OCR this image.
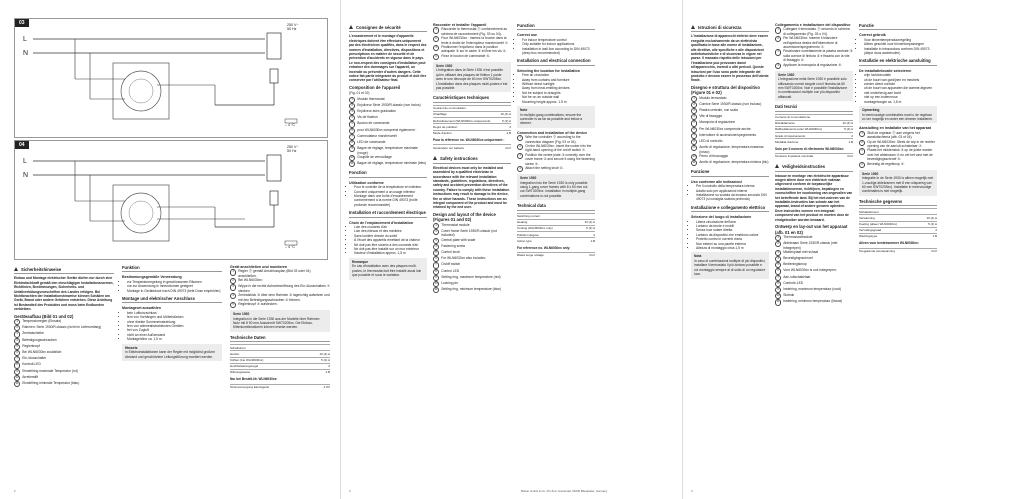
03
L
N
250 V~
50 Hz
– 4 °C
04
L
N
250 V~
50 Hz
– 4 °C
Sicherheitshinweise
Einbau und Montage elektrischer Geräte dürfen nur durch eine Elektrofachkraft gemäß den einschlägigen Installationsnormen, Richtlinien, Bestimmungen, Sicherheits- und Unfallverhütungsvorschriften des Landes erfolgen. Bei Nichtbeachten der Installationshinweise können Schäden am Gerät, Brand oder andere Gefahren entstehen. Diese Anleitung ist Bestandteil des Produktes und muss beim Endkunden verbleiben.
Geräteaufbau (Bild 01 und 02)
1	Temperaturregler (Einsatz)
2	Rahmen: Serie 1930/R.classic (nicht im Lieferumfang)
3	Zentralscheibe
4	Befestigungsschrauben
5	Reglerknopf
6	Bei WLN6030xx zusätzlich:
7	Ein-/Ausschalter
8	Kontroll-LED
9	Einstellring maximale Temperatur (rot)
10	Arretierstift
11	Einstellring minimale Temperatur (blau)
Funktion
Bestimmungsgemäße Verwendung
• zur Temperaturregelung in geschlossenen Räumen
• nur zur Anwendung in Innenräumen geeignet
• Montage in Gerätedose nach DIN 49073 (tiefe Dose empfohlen)
Montage und elektrischer Anschluss
Montageort auswählen
• kein Luftkurzschluss
• fern von Vorhängen und Möbelstücken
• ohne direkte Sonneneinstrahlung
• fern von wärmeabstrahlenden Geräten
• frei von Zugluft
• nicht an einer Außenwand
• Montagehöhe ca. 1,5 m
Hinweis
In Elektroinstallationen kann der Regler mit möglichst großem Abstand und geschütztem Leitungsführung montiert werden.
Gerät anschließen und montieren
1	Regler ⓪ gemäß Anschlussplan (Bild 03 oder 04) anschließen.
2	Bei WLN6030xx:
3	Wippe in die rechte Aufnahmeöffnung des Ein-/Ausschalters ⑦ stecken.
4	Zentralstück ③ über dem Rahmen ② lagerichtig aufsetzen und mit den Befestigungsschrauben ④ fixieren.
5	Reglerknopf ⑤ aufstecken.
Serie 1930
Integration in die Serie 1930 aus der Modelle über Rahmen Nutz mit 8 90 mm Ausschnitt SWT0205xx. Die Einbau-Kittenkombinationen können ersetzt werden.
Technische Daten
Schaltstrom	
Heizen	10 (4) A
Kühlen (bei WLN6030xx)	5 (2) A
Hochbelastungsregel	2
Wirkungsweise	1.B
Nur bei Bestell-Nr. WLN6030xx:
Stromversorgung Einzelgerät	4 ZV
2
Consignes de sécurité
L'encastrement et le montage d'appareils électriques doivent être effectués uniquement par des électriciens qualifiés, dans le respect des normes d'installation, directives, dispositions et prescriptions en matière de sécurité et de prévention d'accidents en vigueur dans le pays. Le non-respect des consignes d'installation peut entraîner des dommages sur l'appareil, un incendie ou présenter d'autres dangers. Cette notice fait partie intégrante du produit et doit être conservée par l'utilisateur final.
Composition de l'appareil
(Fig. 01 et 02)
1	Module thermostat
2	Enjoliveur Série 1930/R.classic (non inclus)
3	Enjoliveur avec graduation
4	Vis de fixation
5	Bouton de commande
6	pour WLN6030xx comprend également :
7	Commutateur marche/arrêt
8	LED de commande
9	Bague de réglage, température maximale (rouge)
10	Goupille de verrouillage
11	Bague de réglage, température minimale (bleu)
Fonction
Utilisation conforme
• Pour le contrôle de la température en intérieur
• Convient uniquement à un usage intérieur
• Montage dans une boîte d'encastrement conformément à la norme DIN 49073 (boîte profonde recommandée)
Installation et raccordement électrique
Choix de l'emplacement d'installation
• Loin des courants d'air
• Loin des rideaux et des meubles
• Sans lumière directe du soleil
• À l'écart des appareils émettant de la chaleur
• Ne doit pas être soumis à des courants d'air
• Ne doit pas être installé sur un mur extérieur
• Hauteur d'installation approx. 1,5 m
Remarque
En cas d'installation avec des plaques multi-postes, le thermostat doit être installé aussi loin que possible et sous le variateur.
Raccorder et installer l'appareil
1	Raccorder le thermostat ⓪ conformément au schéma de raccordement (Fig. 03 ou 04).
2	Pour WLN6030xx : Insérez la touche dans la fente à droite de l'interrupteur marche/arrêt ⑦.
3	Positionner l'enjoliveur dans le position adéquate ③ sur le cadre ② et fixer les vis ④.
4	Fixez le bouton de commande ⑤.
Serie 1930
L'intégration dans la Série 1930 n'est possible qu'en utilisant des plaques de finition 1 poste avec le une découpe de 60 mm SWT0205xx. L'installation dans des plaques multi-postes n'est pas possible.
Caractéristiques techniques
Courant de commutation	
Chauffage	10 (4) A
Refroidissement (WLN6030xx uniquement)	5 (2) A
Degré de pollution	2
Mode d'action	1.B
Pour la référence no. WLN6030xx uniquement :
Générateur sur batterie	4 kV
Safety instructions
Electrical devices must only be installed and assembled by a qualified electrician in accordance with the relevant installation standards, guidelines, regulations, directives, safety and accident prevention directives of the country. Failure to comply with these installation instructions may result in damage to the device, fire or other hazards. These instructions are an integral component of the product and must be retained by the end user.
Design and layout of the device (Figures 01 and 02)
1	Thermostat module
2	Cover frame Serie 1930/R.classic (not included)
3	Central plate with scale
4	Fastening screw
5	Control knob
6	For WLN6030xx also includes:
7	On/off switch
8	Control LED
9	Setting ring, maximum temperature (red)
10	Locking pin
11	Setting ring, minimum temperature (blue)
Function
Correct use
• For indoor temperature control
• Only suitable for indoor applications
• Installation in wall box according to DIN 49073 (deep box recommended)
Installation and electrical connection
Selecting the location for installation
• Free air circulation
• Away from curtains and furniture
• Without direct sunlight
• Away from heat-emitting devices
• Not be subject to draughts
• Not be on an outside wall
• Mounting height approx. 1.5 m
Note
In multiple-gang combinations, ensure the controller is as far as possible and below a dimmer.
Connection and installation of the device
1	Wire the controller ⓪ according to the connection diagram (Fig. 03 or 04).
2	On the WLN6030xx: Insert the rocker into the right-hand opening of the on/off switch ⑦.
3	Position the centre plate ③ correctly over the cover frame ② and secure it using the fastening screw ④.
4	Attach the setting knob ⑤.
Serie 1930
Integration into the Serie 1930 is only possible using 1-gang cover frames with 8 x 60 mm cut out SWT0205xx. Installation in multiple-gang combinations is not possible.
Technical data
Switching current	
Heating	10 (4) A
Cooling (WLN6030xx only)	5 (2) A
Pollution degree	2
Action type	1.B
For reference no. WLN6030xx only:
Rated surge voltage	4 kV
3	Berker GmbH & Co. KG Zum Gunterstal, 66440 Blieskastel, Germany
Istruzioni di sicurezza
L'installazione di apparecchi elettrici deve essere eseguita esclusivamente da un elettricista qualificato in base alle norme di installazione, alle direttive, alle specifiche e alle disposizioni antinfortunistiche e di sicurezza in vigore nel paese. Il mancato rispetto delle istruzioni per l'installazione può provocare danni all'apparecchio, incendi o altri pericoli. Queste istruzioni per l'uso sono parte integrante del prodotto e devono essere in possesso dell'utente finale.
Disegno e struttura del dispositivo (Figure 01 e 02)
1	Modulo termostato
2	Cornice Serie 1930/R.classic (non incluso)
3	Piastra centrale, con scala
4	Vite di fissaggio
5	Manopola di regolazione
6	Per WLN6030xx comprende anche:
7	Interruttore di accensione/spegnimento
8	LED di controllo
9	Anello di regolazione, temperatura massima (rosso)
10	Perno di bloccaggio
11	Anello di regolazione, temperatura minima (blu)
Funzione
Uso conforme alle indicazioni
• Per il controllo della temperatura interna
• Adatto solo per applicazioni interne
• Installazione su scatola da incasso secondo DIN 49073 (si consiglia scatola profonda)
Installazione e collegamento elettrico
Selezione del luogo di installazione
• Libera circolazione dell'aria
• Lontano da tende e mobili
• Senza luce solare diretta
• Lontano da dispositivi che emettono calore
• Protetto contro le correnti d'aria
• Non esterni su una parete esterna
• Altezza di montaggio circa 1,5 m
Nota
In caso di combinazioni multiple di più dispositivi, installare il termostato il più lontano possibile e col montaggio sempre al di sotto di un regolatore luce.
Collegamento e installazione del dispositivo
1	Collegare il termostato ⓪ secondo lo schema di collegamento (Fig. 03 o 04).
2	Per WLN6030xx: Inserire il bilanciere nell'apertura destra dell'interruttore di accensione/spegnimento ⑦.
3	Posizionare correttamente la piastra centrale ③ sulla cornice di finitura ② e fissarla con la vite di fissaggio ④.
4	Applicare la manopola di regolazione ⑤.
Serie 1930
L'integrazione nella Serie 1930 è possibile solo utilizzando cornici singole con il finestra da 60 mm SWT0205xx. Non è possibile l'installazione in combinazioni multiple con più dispositivi affiancati.
Dati tecnici
Corrente di commutazione	
Riscaldamento	10 (4) A
Raffreddamento (solo WLN6030xx)	5 (2) A
Grado di inquinamento	2
Modalità d'azione	1.B
Solo per il numero di riferimento WLN6030xx:
Tensione impulsiva nominale	4 kV
Veiligheidsinstructies
Inbouw en montage van elektrische apparatuur mogen alleen door een elektrisch vakman uitgevoerd conform de toepasselijke installatienormen, richtlijnen, bepalingen en voorschriften ter voorkoming van ongevallen van het betreffende land. Bij het niet-naleven van de installatie-instructies kan schade aan het apparaat, brand of andere gevaren optreden. Deze instructies vormen een integraal component van het product en moeten door de eindgebruiker worden bewaard.
Ontwerp en lay-out van het apparaat (afb. 01 en 02)
1	Thermostaatmodule
2	Afdekraam Serie 1930/R.classic (niet inbegrepen)
3	Middenplaat met schaal
4	Bevestigingsschroef
5	Bedieningsknop
6	Voor WLN6030xx is ook inbegrepen:
7	Aan-/uitschakelaar
8	Controle-LED
9	Instelring, maximum temperatuur (rood)
10	Slotnok
11	Instelring, minimum temperatuur (blauw)
Functie
Correct gebruik
• Voor binnentemperatuurregeling
• Alleen geschikt voor binnentoepassingen
• Installatie in inbouwdoos conform DIN 49073 (diepe doos aanbevolen)
Installatie en elektrische aansluiting
De installatielocatie selecteren
• vrije luchtcirculatie
• uit de buurt van gordijnen en meubels
• zonder direct zonlicht
• uit de buurt van apparaten die warmte afgeven
• niet onderhevig aan tocht
• niet op een buitenmuur
• montagehoogte ca. 1,5 m
Opmerking
In meervoudige combinaties moet u de regelaar zo ver mogelijk en onder een dimmer installeren.
Aansluiting en installatie van het apparaat
1	Sluit de regelaar ⓪ aan volgens het aansluitschema (afb. 03 of 04).
2	Op de WLN6030xx: Steek de wip in de rechter opening van de aan/uit-schakelaar ⑦.
3	Plaats het middenstuk ③ op de juiste manier over het afdekraam ② en zet het vast met de bevestigingsschroef ④.
4	Bevestig de regelknop ⑤.
Serie 1930
Integratie in de Serie 1930 is alleen mogelijk met 1-voudige afdekramen met 8 een uitsparing van 60 mm SWT0205xx). Installatie in meervoudige combinaties is niet mogelijk.
Technische gegevens
Schakelstroom	
Verwarming	10 (4) A
Koeling (alleen WLN6030xx)	5 (2) A
Vervuilingsgraad	2
Werkingstype	1.B
Alleen voor bestelnummer WLN6030xx:
Toegekende stootspanning	4 kV
4
